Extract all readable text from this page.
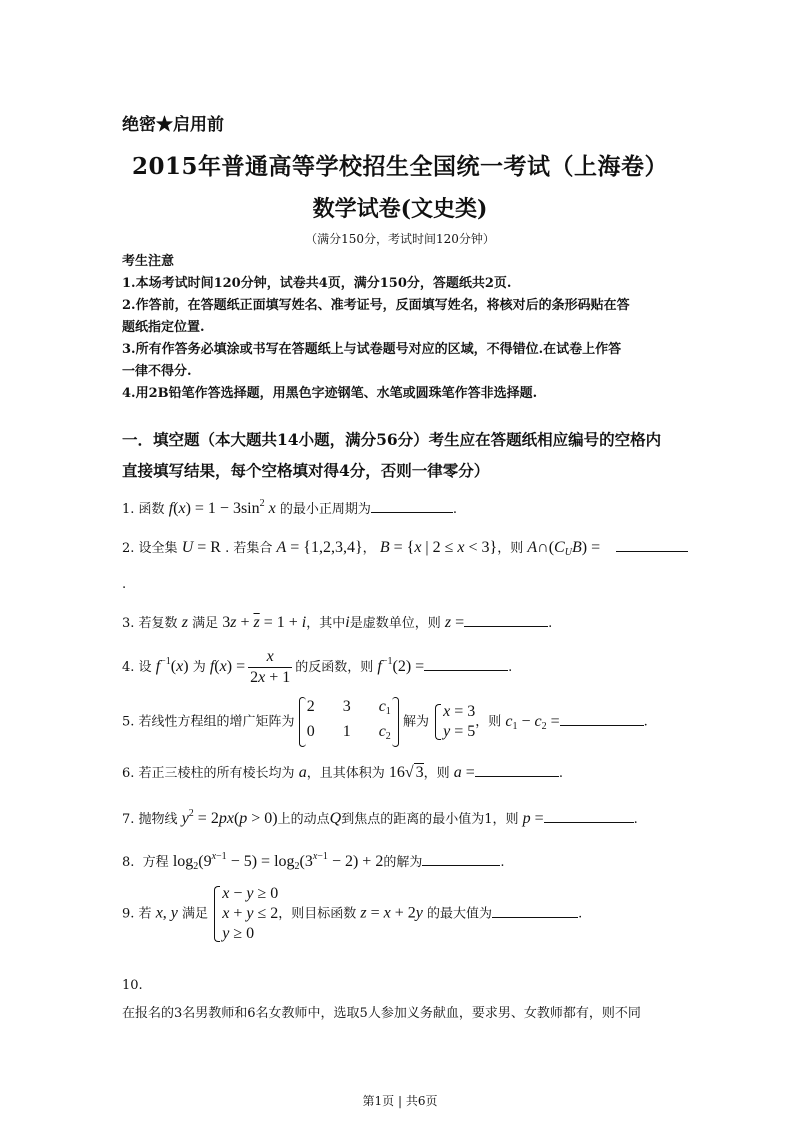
绝密★启用前
2015年普通高等学校招生全国统一考试（上海卷）
数学试卷(文史类)
（满分150分，考试时间120分钟）
考生注意
1.本场考试时间120分钟，试卷共4页，满分150分，答题纸共2页.
2.作答前，在答题纸正面填写姓名、准考证号，反面填写姓名，将核对后的条形码贴在答
题纸指定位置.
3.所有作答务必填涂或书写在答题纸上与试卷题号对应的区域，不得错位.在试卷上作答
一律不得分.
4.用2B铅笔作答选择题，用黑色字迹钢笔、水笔或圆珠笔作答非选择题.
一．填空题（本大题共14小题，满分56分）考生应在答题纸相应编号的空格内
直接填写结果，每个空格填对得4分，否则一律零分）
1. 函数 $f(x) = 1 - 3\sin^2$ x 的最小正周期为	.
2. 设全集 U = R . 若集合 A = {1,2,3,4}， B = {x | 2 ≤ x < 3}，则 $A\cap(C_UB)$ =
.
3. 若复数 z 满足 $3z + \overline{z} = 1 + i$，其中i是虚数单位，则 z =	.
4. 设 $f^{-1}(x)$ 为 $f(x) = \frac{x}{2x + 1}$ 的反函数，则 $f^{-1}(2)$ =	.
5. 若线性方程组的增广矩阵为
2  3  $c_1$
0  1  $c_2$
解为
x = 3
y = 5
，则 $c_1 - c_2$ =	.
6. 若正三棱柱的所有棱长均为 a，且其体积为 16√ 3，则 a =	.
7. 抛物线 $y^2 = 2px(p > 0)$上的动点Q到焦点的距离的最小值为1，则 p =	.
8.  方程 $\log_2(9^{x-1} - 5) = \log_2(3^{x-1} - 2) + 2$的解为	.
9. 若 x, y 满足
x − y ≥ 0
x + y ≤ 2
y ≥ 0
，则目标函数 z = x + 2y 的最大值为	.
10.
在报名的3名男教师和6名女教师中，选取5人参加义务献血，要求男、女教师都有，则不同
第1页 | 共6页
